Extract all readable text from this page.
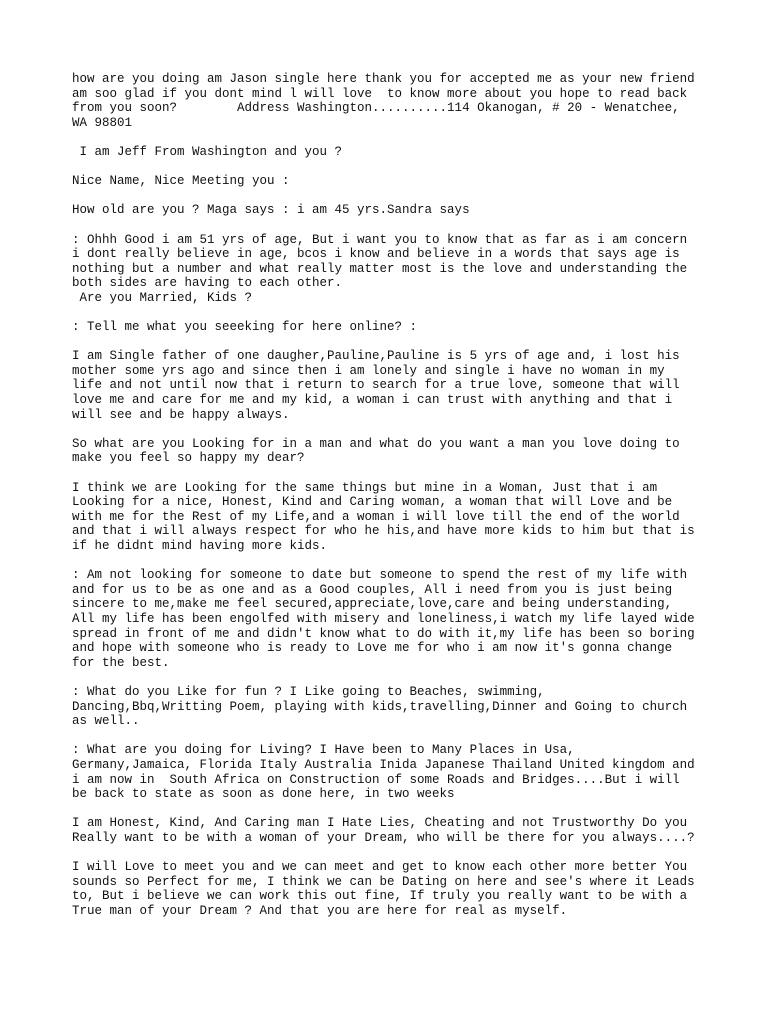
how are you doing am Jason single here thank you for accepted me as your new friend
am soo glad if you dont mind l will love  to know more about you hope to read back
from you soon?        Address Washington..........114 Okanogan, # 20 - Wenatchee,
WA 98801

I am Jeff From Washington and you ?

Nice Name, Nice Meeting you :

How old are you ? Maga says : i am 45 yrs.Sandra says

: Ohhh Good i am 51 yrs of age, But i want you to know that as far as i am concern
i dont really believe in age, bcos i know and believe in a words that says age is
nothing but a number and what really matter most is the love and understanding the
both sides are having to each other.
Are you Married, Kids ?

: Tell me what you seeeking for here online? :

I am Single father of one daugher,Pauline,Pauline is 5 yrs of age and, i lost his
mother some yrs ago and since then i am lonely and single i have no woman in my
life and not until now that i return to search for a true love, someone that will
love me and care for me and my kid, a woman i can trust with anything and that i
will see and be happy always.

So what are you Looking for in a man and what do you want a man you love doing to
make you feel so happy my dear?

I think we are Looking for the same things but mine in a Woman, Just that i am
Looking for a nice, Honest, Kind and Caring woman, a woman that will Love and be
with me for the Rest of my Life,and a woman i will love till the end of the world
and that i will always respect for who he his,and have more kids to him but that is
if he didnt mind having more kids.

: Am not looking for someone to date but someone to spend the rest of my life with
and for us to be as one and as a Good couples, All i need from you is just being
sincere to me,make me feel secured,appreciate,love,care and being understanding,
All my life has been engolfed with misery and loneliness,i watch my life layed wide
spread in front of me and didn't know what to do with it,my life has been so boring
and hope with someone who is ready to Love me for who i am now it's gonna change
for the best.

: What do you Like for fun ? I Like going to Beaches, swimming,
Dancing,Bbq,Writting Poem, playing with kids,travelling,Dinner and Going to church
as well..

: What are you doing for Living? I Have been to Many Places in Usa,
Germany,Jamaica, Florida Italy Australia Inida Japanese Thailand United kingdom and
i am now in  South Africa on Construction of some Roads and Bridges....But i will
be back to state as soon as done here, in two weeks

I am Honest, Kind, And Caring man I Hate Lies, Cheating and not Trustworthy Do you
Really want to be with a woman of your Dream, who will be there for you always....?

I will Love to meet you and we can meet and get to know each other more better You
sounds so Perfect for me, I think we can be Dating on here and see's where it Leads
to, But i believe we can work this out fine, If truly you really want to be with a
True man of your Dream ? And that you are here for real as myself.
